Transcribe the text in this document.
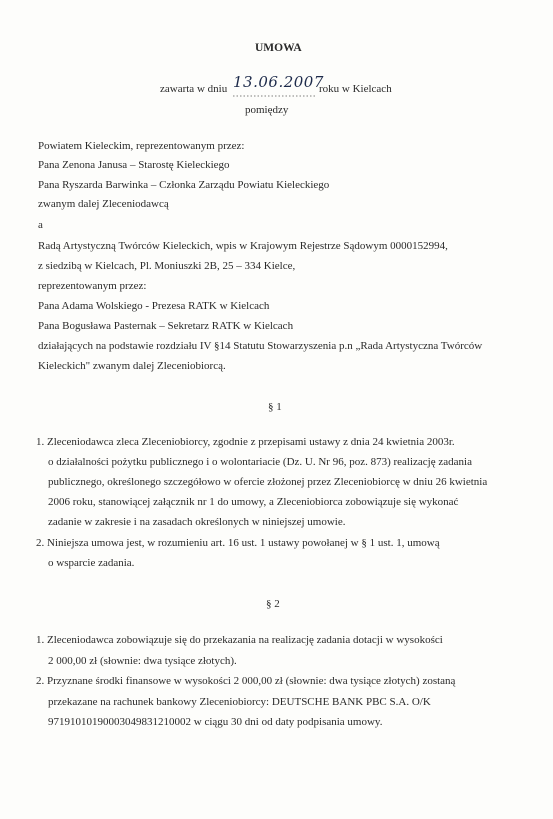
UMOWA
zawarta w dniu 13.06.2007
roku w Kielcach
pomiędzy
Powiatem Kieleckim, reprezentowanym przez:
Pana Zenona Janusa – Starostę Kieleckiego
Pana Ryszarda Barwinka – Członka Zarządu Powiatu Kieleckiego
zwanym dalej Zleceniodawcą
a
Radą Artystyczną Twórców Kieleckich, wpis w Krajowym Rejestrze Sądowym 0000152994,
z siedzibą w Kielcach, Pl. Moniuszki 2B, 25 – 334 Kielce,
reprezentowanym przez:
Pana Adama Wolskiego - Prezesa RATK w Kielcach
Pana Bogusława Pasternak – Sekretarz RATK w Kielcach
działających na podstawie rozdziału IV §14 Statutu Stowarzyszenia p.n „Rada Artystyczna Twórców
Kieleckich" zwanym dalej Zleceniobiorcą.
§ 1
1. Zleceniodawca zleca Zleceniobiorcy, zgodnie z przepisami ustawy z dnia 24 kwietnia 2003r.
o działalności pożytku publicznego i o wolontariacie (Dz. U. Nr 96, poz. 873) realizację zadania
publicznego, określonego szczegółowo w ofercie złożonej przez Zleceniobiorcę w dniu 26 kwietnia
2006 roku, stanowiącej załącznik nr 1 do umowy, a Zleceniobiorca zobowiązuje się wykonać
zadanie w zakresie i na zasadach określonych w niniejszej umowie.
2. Niniejsza umowa jest, w rozumieniu art. 16 ust. 1 ustawy powołanej w § 1 ust. 1, umową
o wsparcie zadania.
§ 2
1. Zleceniodawca zobowiązuje się do przekazania na realizację zadania dotacji w wysokości
2 000,00 zł (słownie: dwa tysiące złotych).
2. Przyznane środki finansowe w wysokości 2 000,00 zł (słownie: dwa tysiące złotych) zostaną
przekazane na rachunek bankowy Zleceniobiorcy: DEUTSCHE BANK PBC S.A. O/K
97191010190003049831210002 w ciągu 30 dni od daty podpisania umowy.
